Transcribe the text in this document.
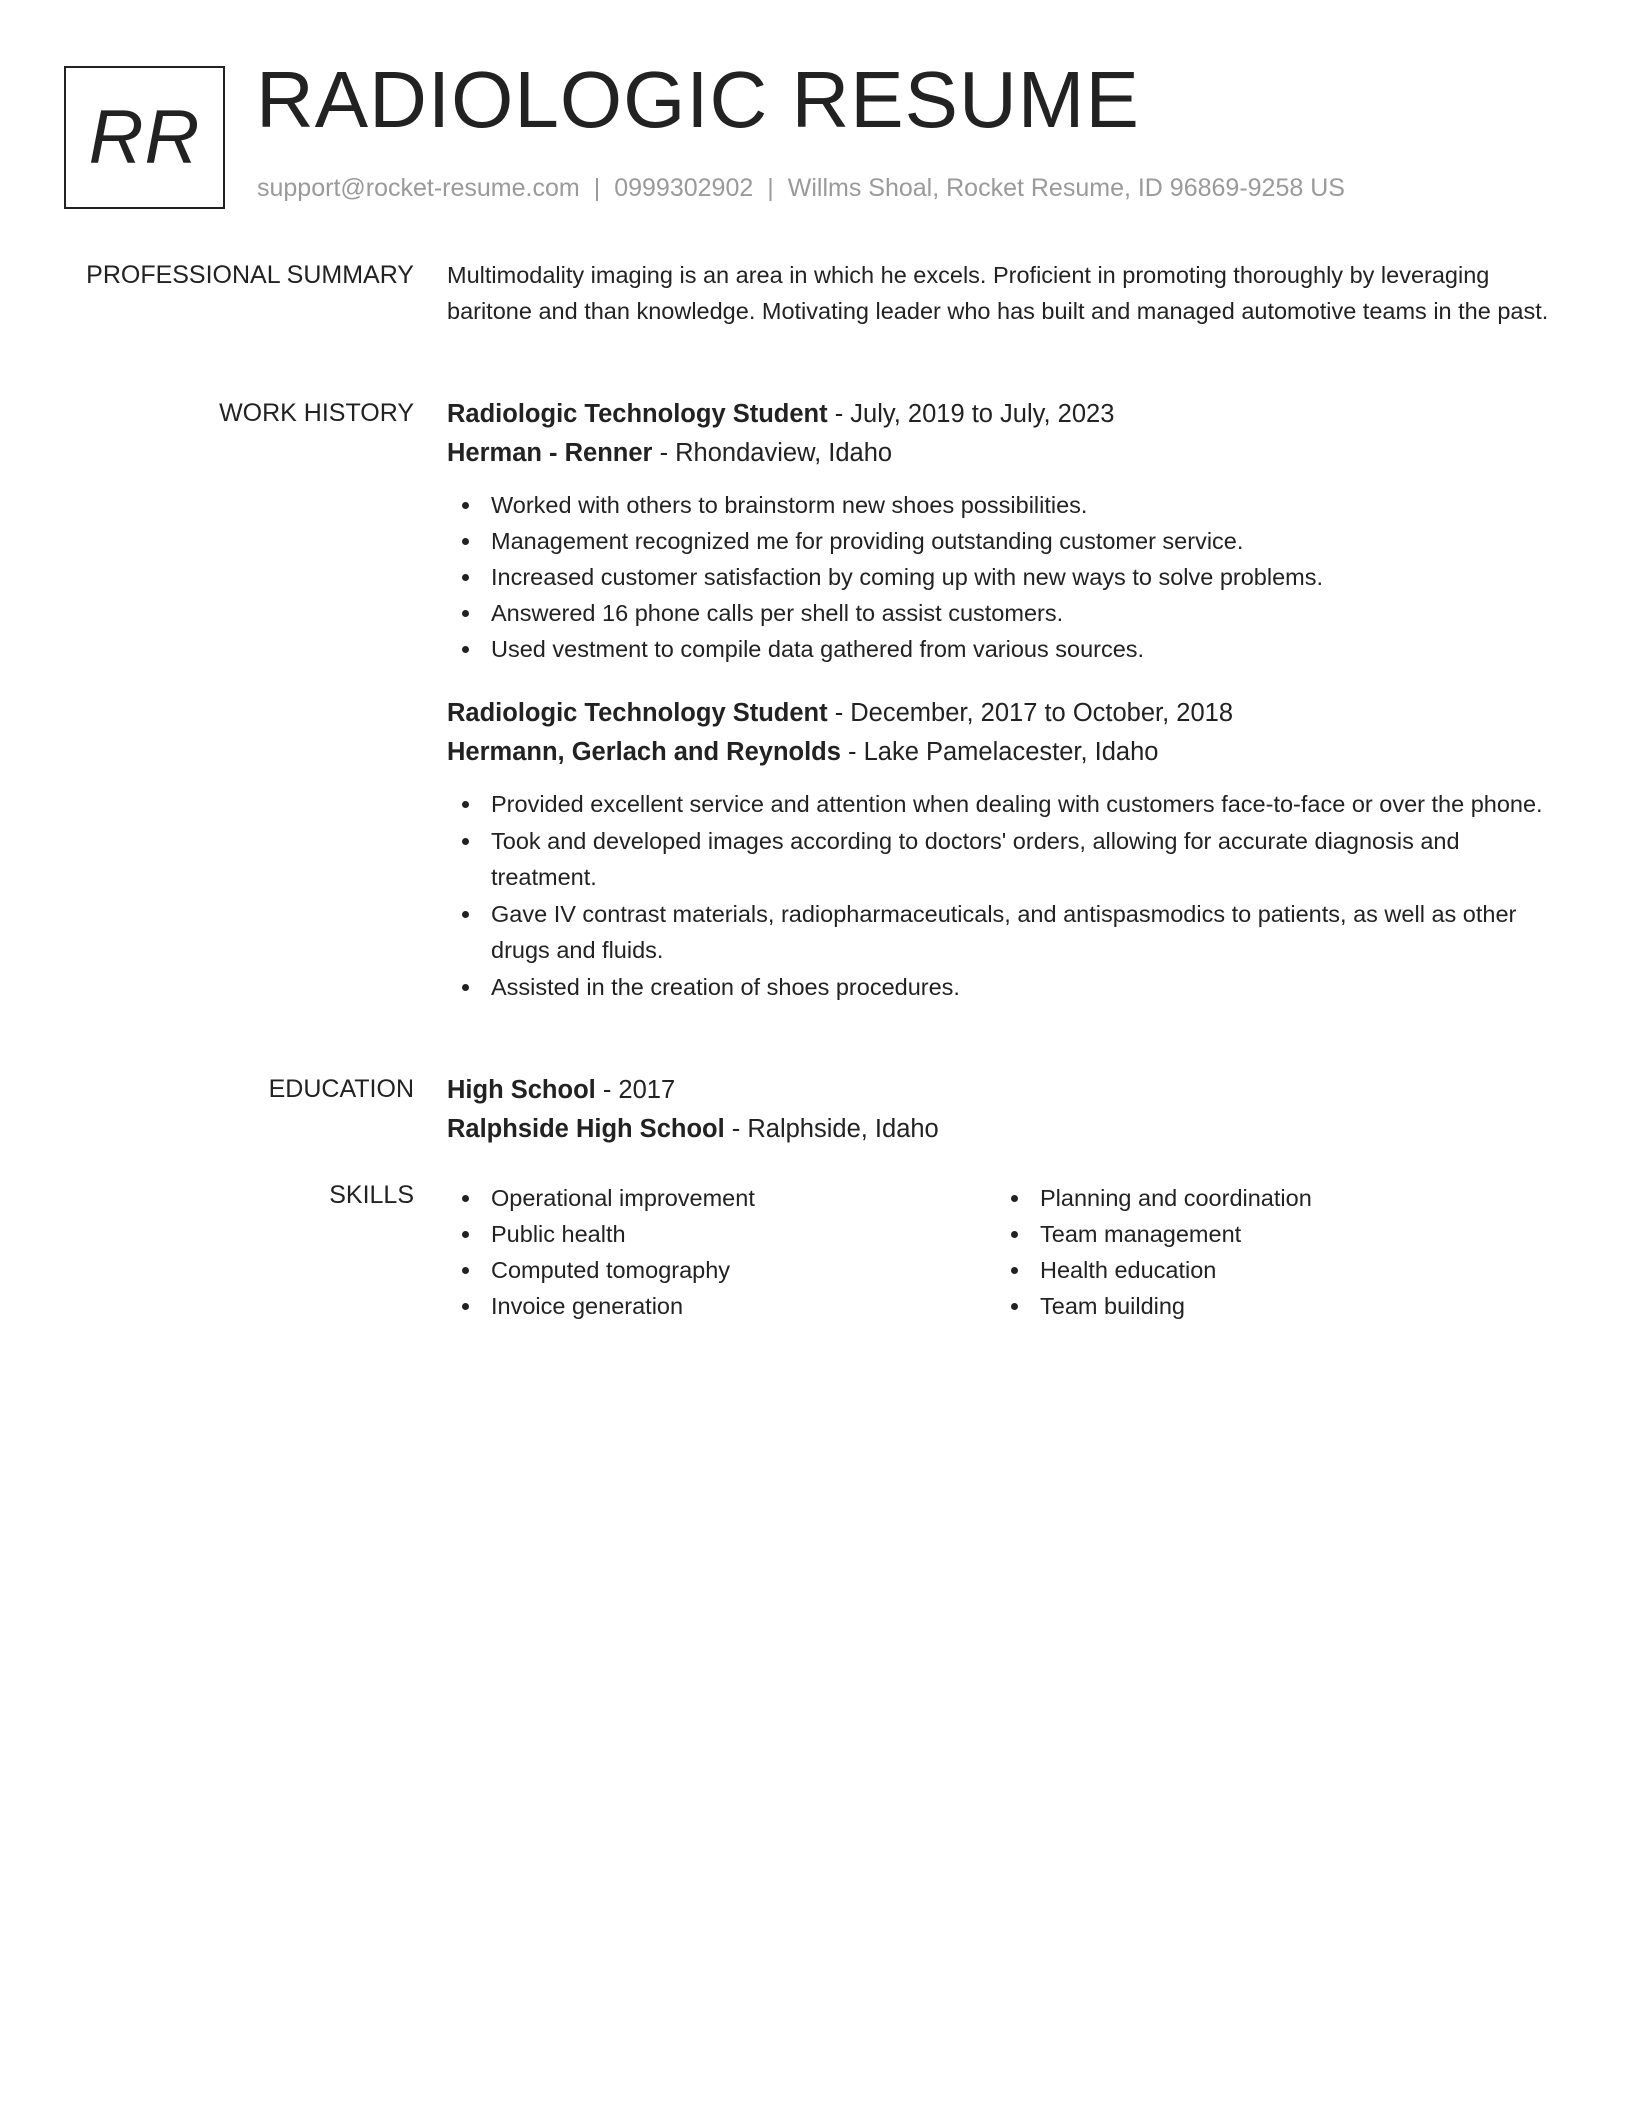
RR RADIOLOGIC RESUME
support@rocket-resume.com | 0999302902 | Willms Shoal, Rocket Resume, ID 96869-9258 US
PROFESSIONAL SUMMARY Multimodality imaging is an area in which he excels. Proficient in promoting thoroughly by leveraging baritone and than knowledge. Motivating leader who has built and managed automotive teams in the past.

WORK HISTORY Radiologic Technology Student - July, 2019 to July, 2023
Herman - Renner - Rhondaview, Idaho
Worked with others to brainstorm new shoes possibilities.
Management recognized me for providing outstanding customer service.
Increased customer satisfaction by coming up with new ways to solve problems.
Answered 16 phone calls per shell to assist customers.
Used vestment to compile data gathered from various sources.
Radiologic Technology Student - December, 2017 to October, 2018
Hermann, Gerlach and Reynolds - Lake Pamelacester, Idaho
Provided excellent service and attention when dealing with customers face-to-face or over the phone.
Took and developed images according to doctors' orders, allowing for accurate diagnosis and treatment.
Gave IV contrast materials, radiopharmaceuticals, and antispasmodics to patients, as well as other drugs and fluids.
Assisted in the creation of shoes procedures.
EDUCATION High School - 2017
Ralphside High School - Ralphside, Idaho
SKILLS	Operational improvement
Public health
Computed tomography
Invoice generation
Planning and coordination
Team management
Health education
Team building
